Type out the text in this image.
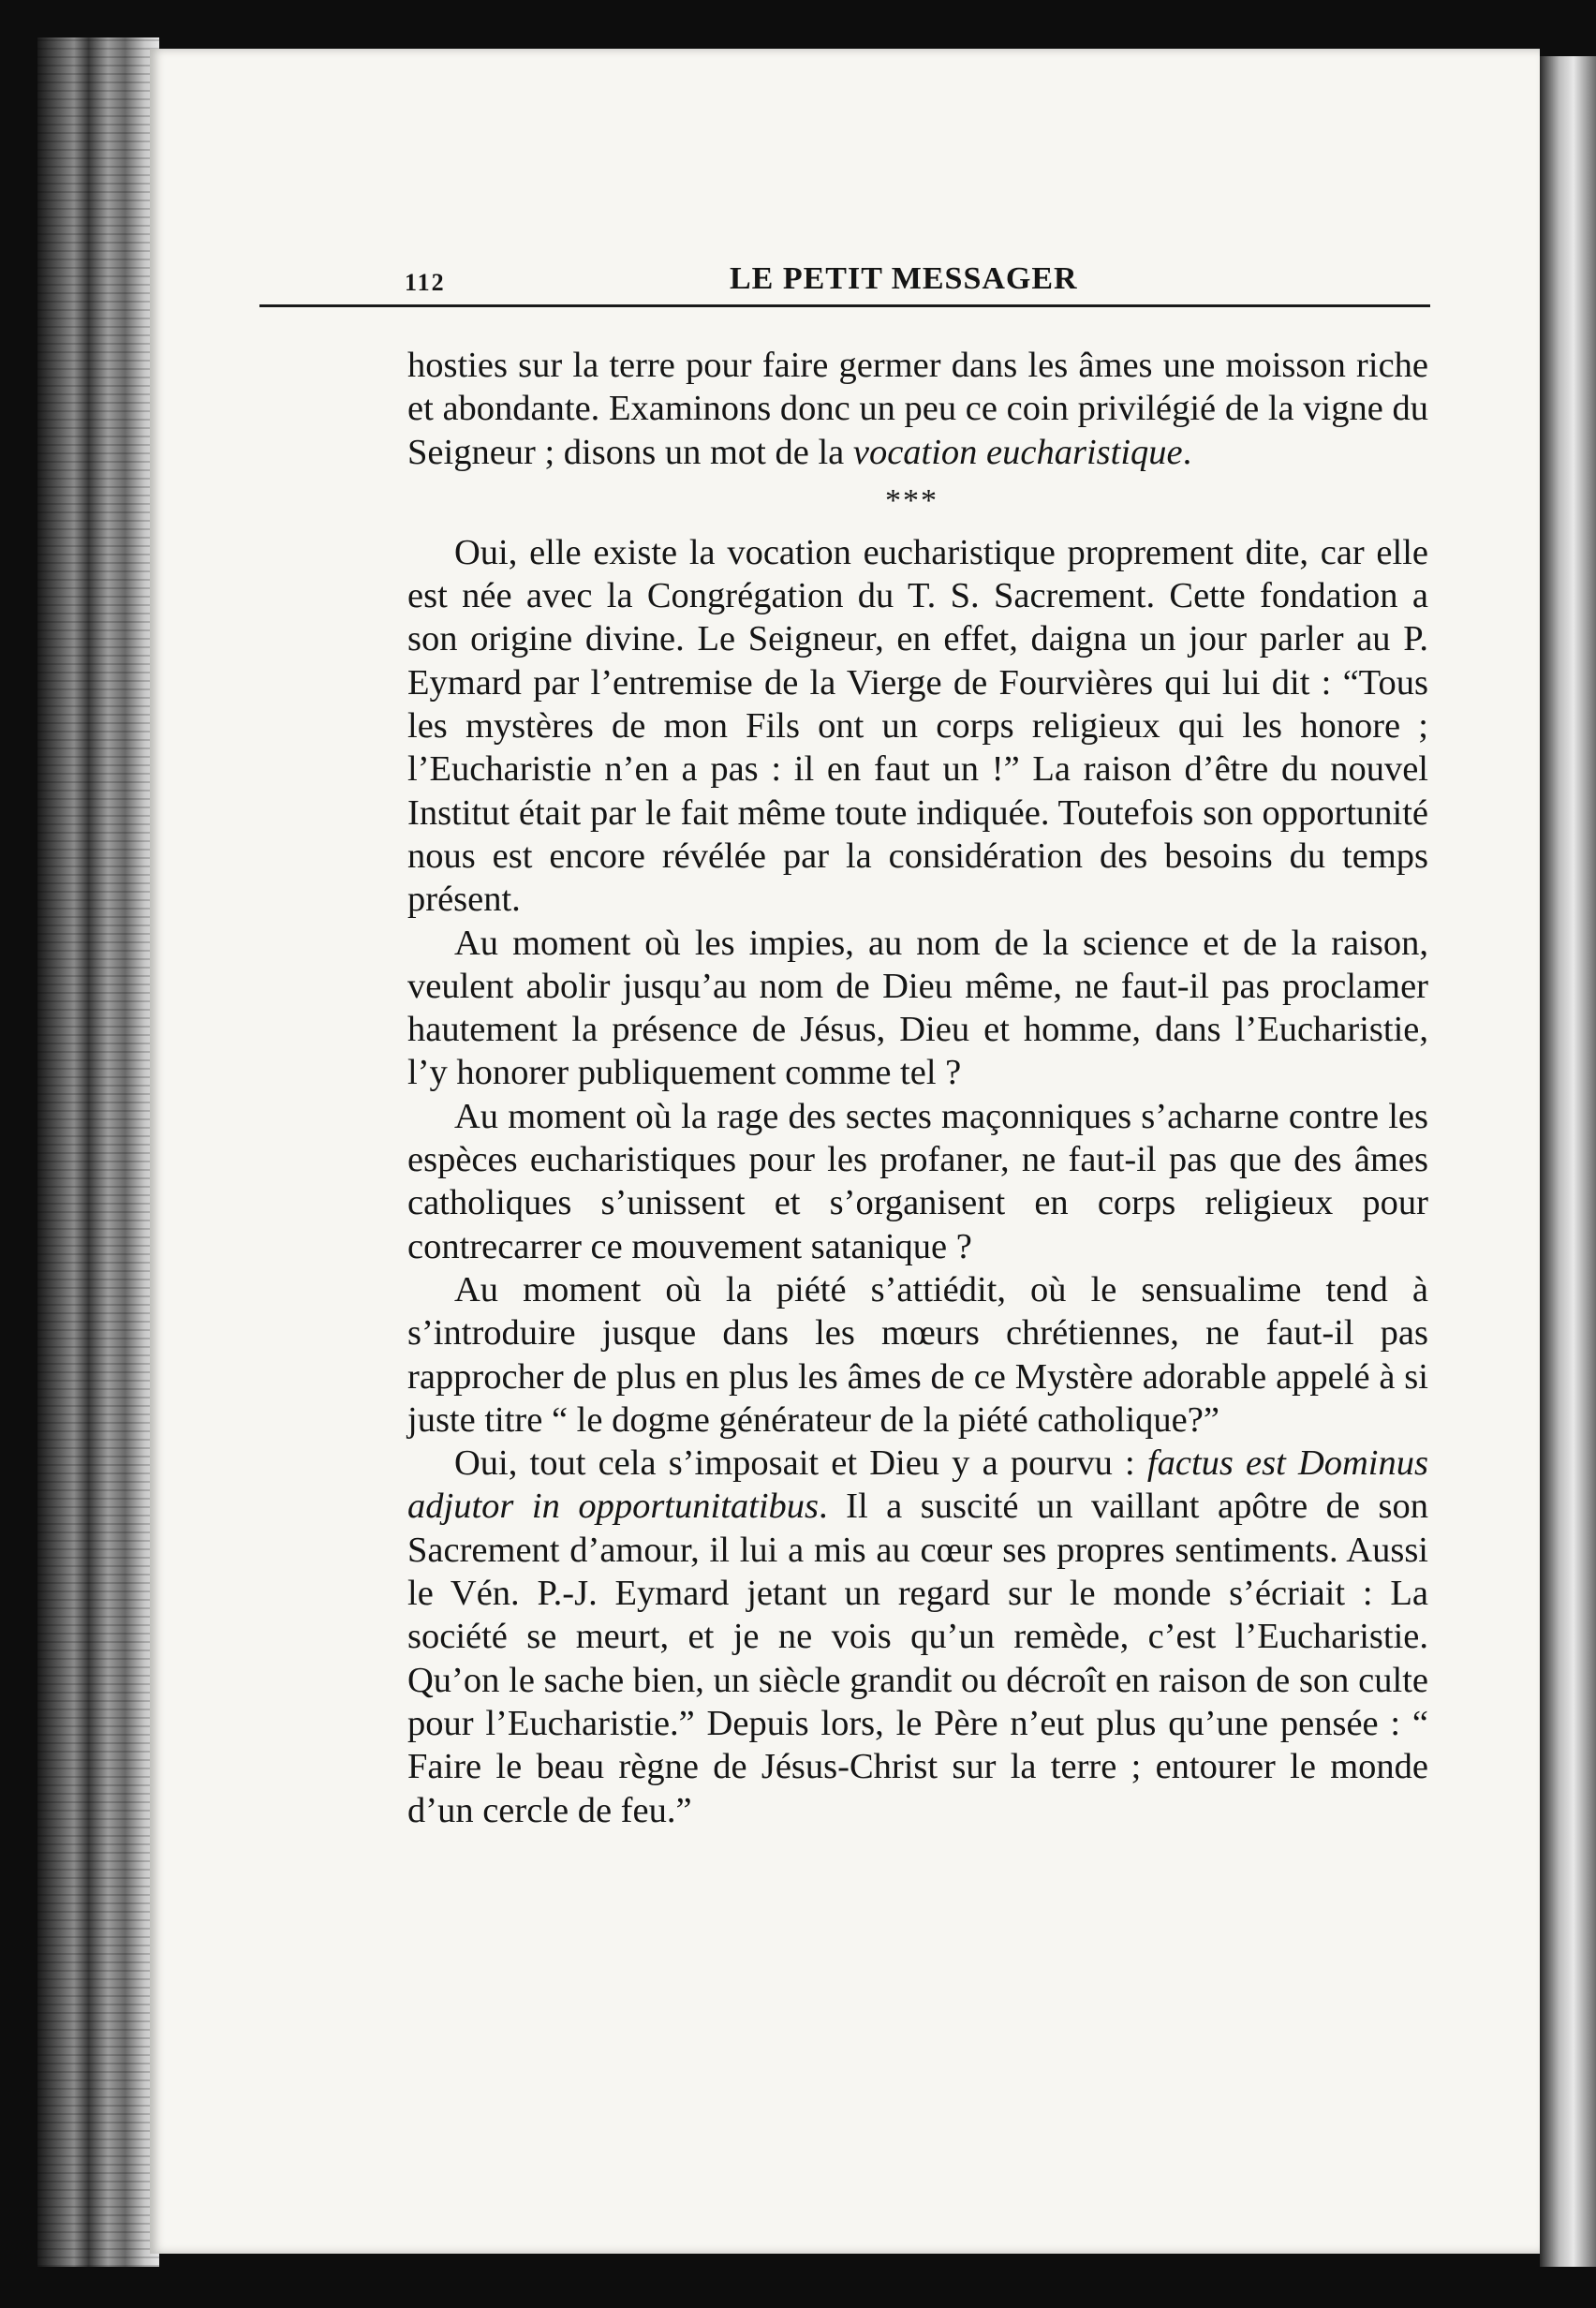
112	LE PETIT MESSAGER

hosties sur la terre pour faire germer dans les âmes une moisson riche et abondante. Examinons donc un peu ce coin privilégié de la vigne du Seigneur ; disons un mot de la vocation eucharistique.

***

Oui, elle existe la vocation eucharistique proprement dite, car elle est née avec la Congrégation du T. S. Sacrement. Cette fondation a son origine divine. Le Seigneur, en effet, daigna un jour parler au P. Eymard par l’entremise de la Vierge de Fourvières qui lui dit : “Tous les mystères de mon Fils ont un corps religieux qui les honore ; l’Eucharistie n’en a pas : il en faut un !” La raison d’être du nouvel Institut était par le fait même toute indiquée. Toutefois son opportunité nous est encore révélée par la considération des besoins du temps présent.

Au moment où les impies, au nom de la science et de la raison, veulent abolir jusqu’au nom de Dieu même, ne faut-il pas proclamer hautement la présence de Jésus, Dieu et homme, dans l’Eucharistie, l’y honorer publiquement comme tel ?

Au moment où la rage des sectes maçonniques s’acharne contre les espèces eucharistiques pour les profaner, ne faut-il pas que des âmes catholiques s’unissent et s’organisent en corps religieux pour contrecarrer ce mouvement satanique ?

Au moment où la piété s’attiédit, où le sensualime tend à s’introduire jusque dans les mœurs chrétiennes, ne faut-il pas rapprocher de plus en plus les âmes de ce Mystère adorable appelé à si juste titre “ le dogme générateur de la piété catholique?”

Oui, tout cela s’imposait et Dieu y a pourvu : factus est Dominus adjutor in opportunitatibus. Il a suscité un vaillant apôtre de son Sacrement d’amour, il lui a mis au cœur ses propres sentiments. Aussi le Vén. P.-J. Eymard jetant un regard sur le monde s’écriait : La société se meurt, et je ne vois qu’un remède, c’est l’Eucharistie. Qu’on le sache bien, un siècle grandit ou décroît en raison de son culte pour l’Eucharistie.” Depuis lors, le Père n’eut plus qu’une pensée : “ Faire le beau règne de Jésus-Christ sur la terre ; entourer le monde d’un cercle de feu.”
